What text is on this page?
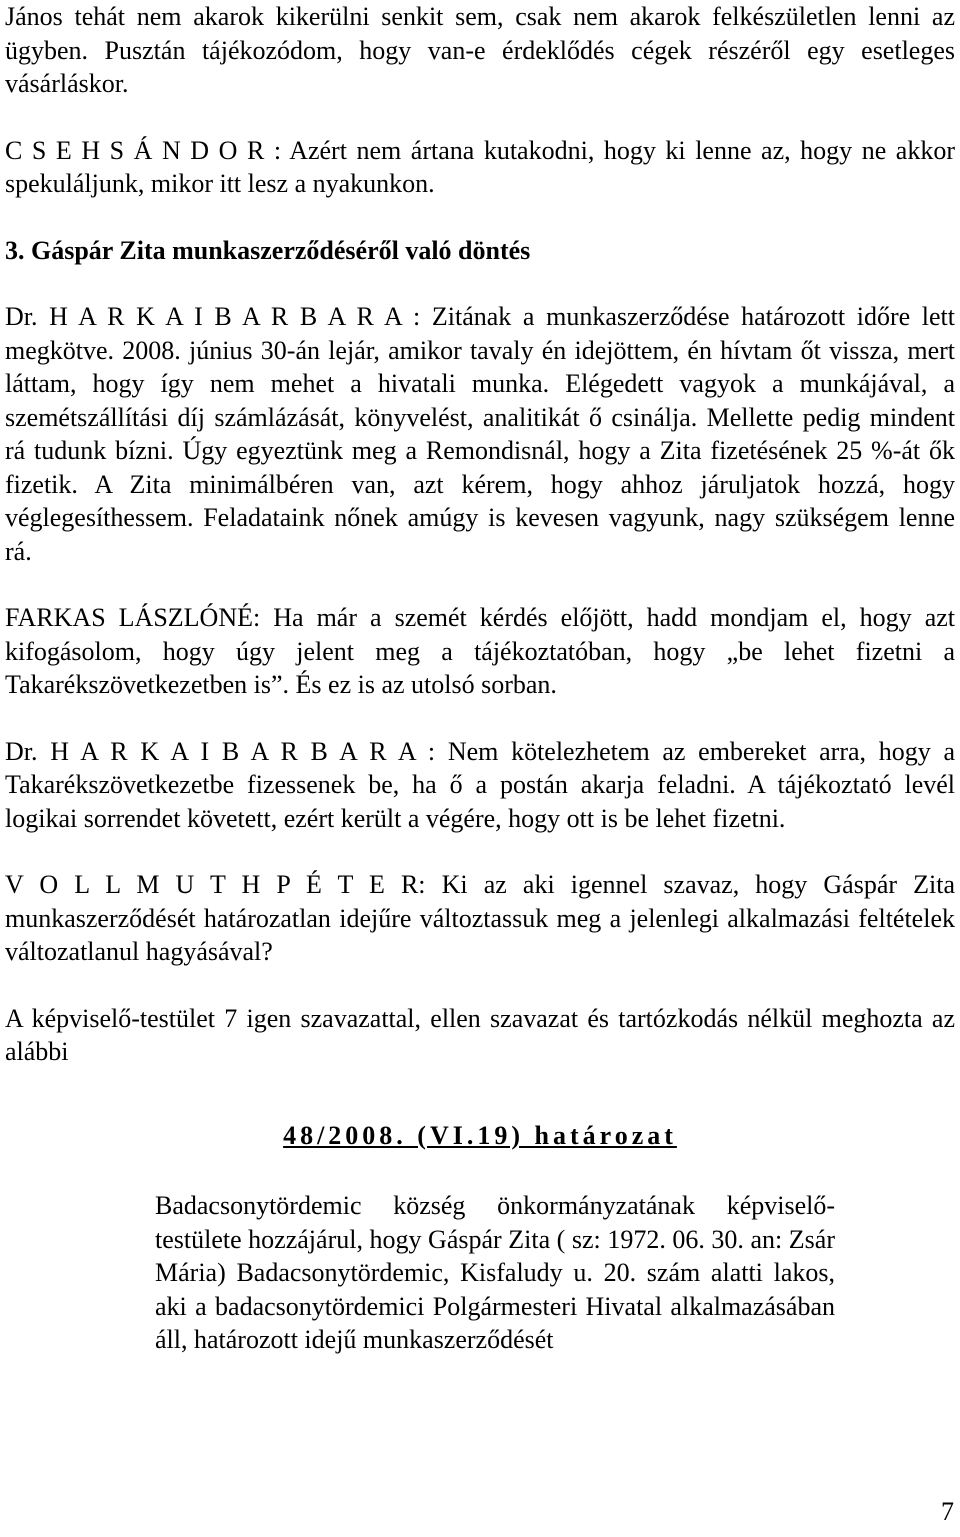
János tehát nem akarok kikerülni senkit sem, csak nem akarok felkészületlen lenni az ügyben. Pusztán tájékozódom, hogy van-e érdeklődés cégek részéről egy esetleges vásárláskor.

C S E H S Á N D O R : Azért nem ártana kutakodni, hogy ki lenne az, hogy ne akkor spekuláljunk, mikor itt lesz a nyakunkon.

3. Gáspár Zita munkaszerződéséről való döntés

Dr. H A R K A I B A R B A R A : Zitának a munkaszerződése határozott időre lett megkötve. 2008. június 30-án lejár, amikor tavaly én idejöttem, én hívtam őt vissza, mert láttam, hogy így nem mehet a hivatali munka. Elégedett vagyok a munkájával, a szemétszállítási díj számlázását, könyvelést, analitikát ő csinálja. Mellette pedig mindent rá tudunk bízni. Úgy egyeztünk meg a Remondisnál, hogy a Zita fizetésének 25 %-át ők fizetik. A Zita minimálbéren van, azt kérem, hogy ahhoz járuljatok hozzá, hogy véglegesíthessem. Feladataink nőnek amúgy is kevesen vagyunk, nagy szükségem lenne rá.

FARKAS LÁSZLÓNÉ: Ha már a szemét kérdés előjött, hadd mondjam el, hogy azt kifogásolom, hogy úgy jelent meg a tájékoztatóban, hogy „be lehet fizetni a Takarékszövetkezetben is”. És ez is az utolsó sorban.

Dr. H A R K A I B A R B A R A : Nem kötelezhetem az embereket arra, hogy a Takarékszövetkezetbe fizessenek be, ha ő a postán akarja feladni. A tájékoztató levél logikai sorrendet követett, ezért került a végére, hogy ott is be lehet fizetni.

V O L L M U T H P É T E R: Ki az aki igennel szavaz, hogy Gáspár Zita munkaszerződését határozatlan idejűre változtassuk meg a jelenlegi alkalmazási feltételek változatlanul hagyásával?

A képviselő-testület 7 igen szavazattal, ellen szavazat és tartózkodás nélkül meghozta az alábbi

48/2008. (VI.19) határozat

Badacsonytördemic község önkormányzatának képviselő-testülete hozzájárul, hogy Gáspár Zita ( sz: 1972. 06. 30. an: Zsár Mária) Badacsonytördemic, Kisfaludy u. 20. szám alatti lakos, aki a badacsonytördemici Polgármesteri Hivatal alkalmazásában áll, határozott idejű munkaszerződését

7
